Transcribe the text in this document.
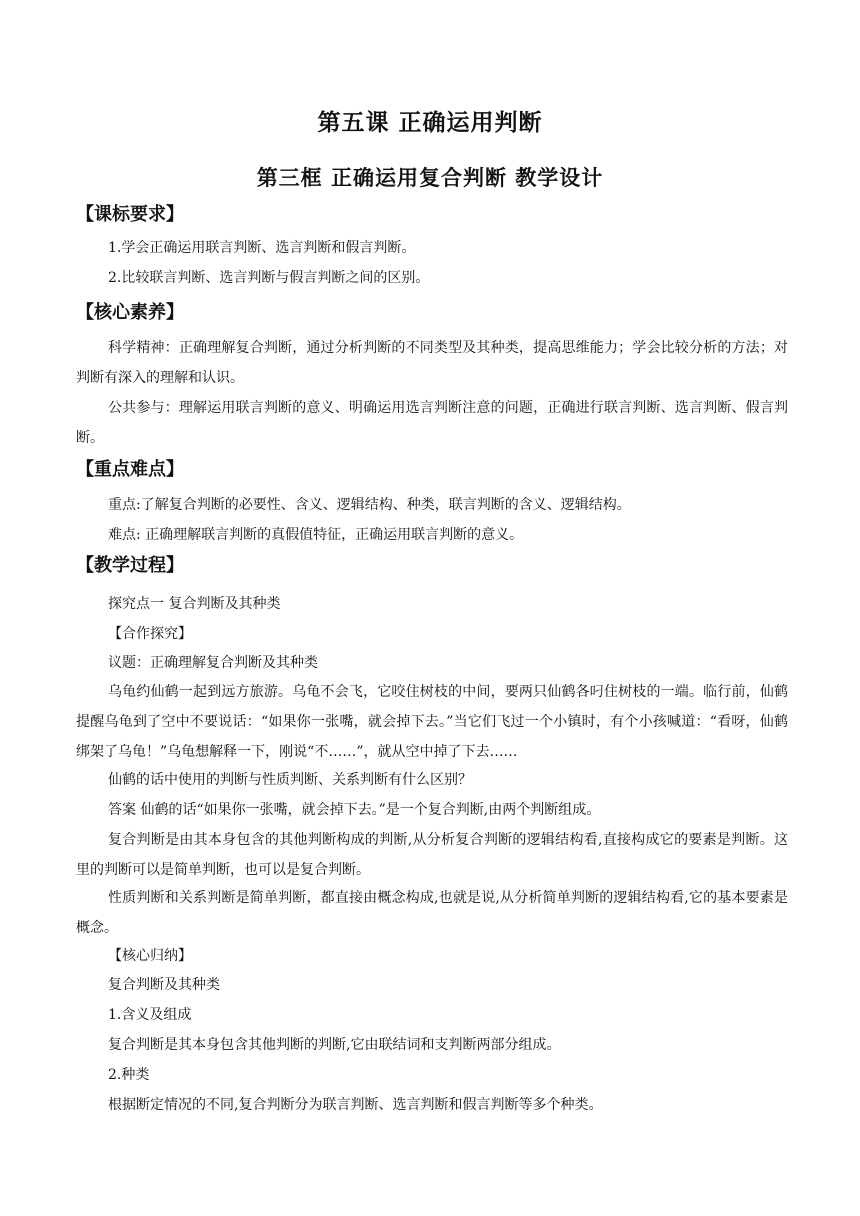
第五课 正确运用判断
第三框 正确运用复合判断 教学设计
【课标要求】

1.学会正确运用联言判断、选言判断和假言判断。

2.比较联言判断、选言判断与假言判断之间的区别。

【核心素养】

科学精神：正确理解复合判断，通过分析判断的不同类型及其种类，提高思维能力；学会比较分析的方法；对判断有深入的理解和认识。

公共参与：理解运用联言判断的意义、明确运用选言判断注意的问题，正确进行联言判断、选言判断、假言判断。

【重点难点】

重点:了解复合判断的必要性、含义、逻辑结构、种类，联言判断的含义、逻辑结构。

难点: 正确理解联言判断的真假值特征，正确运用联言判断的意义。

【教学过程】

探究点一 复合判断及其种类

【合作探究】

议题：正确理解复合判断及其种类

乌龟约仙鹤一起到远方旅游。乌龟不会飞，它咬住树枝的中间，要两只仙鹤各叼住树枝的一端。临行前，仙鹤提醒乌龟到了空中不要说话：“如果你一张嘴，就会掉下去。”当它们飞过一个小镇时，有个小孩喊道：“看呀，仙鹤绑架了乌龟！”乌龟想解释一下，刚说“不……”，就从空中掉了下去……

仙鹤的话中使用的判断与性质判断、关系判断有什么区别？

答案 仙鹤的话“如果你一张嘴，就会掉下去。”是一个复合判断,由两个判断组成。

复合判断是由其本身包含的其他判断构成的判断,从分析复合判断的逻辑结构看,直接构成它的要素是判断。这里的判断可以是简单判断，也可以是复合判断。

性质判断和关系判断是简单判断，都直接由概念构成,也就是说,从分析简单判断的逻辑结构看,它的基本要素是概念。

【核心归纳】

复合判断及其种类

1.含义及组成

复合判断是其本身包含其他判断的判断,它由联结词和支判断两部分组成。

2.种类

根据断定情况的不同,复合判断分为联言判断、选言判断和假言判断等多个种类。
